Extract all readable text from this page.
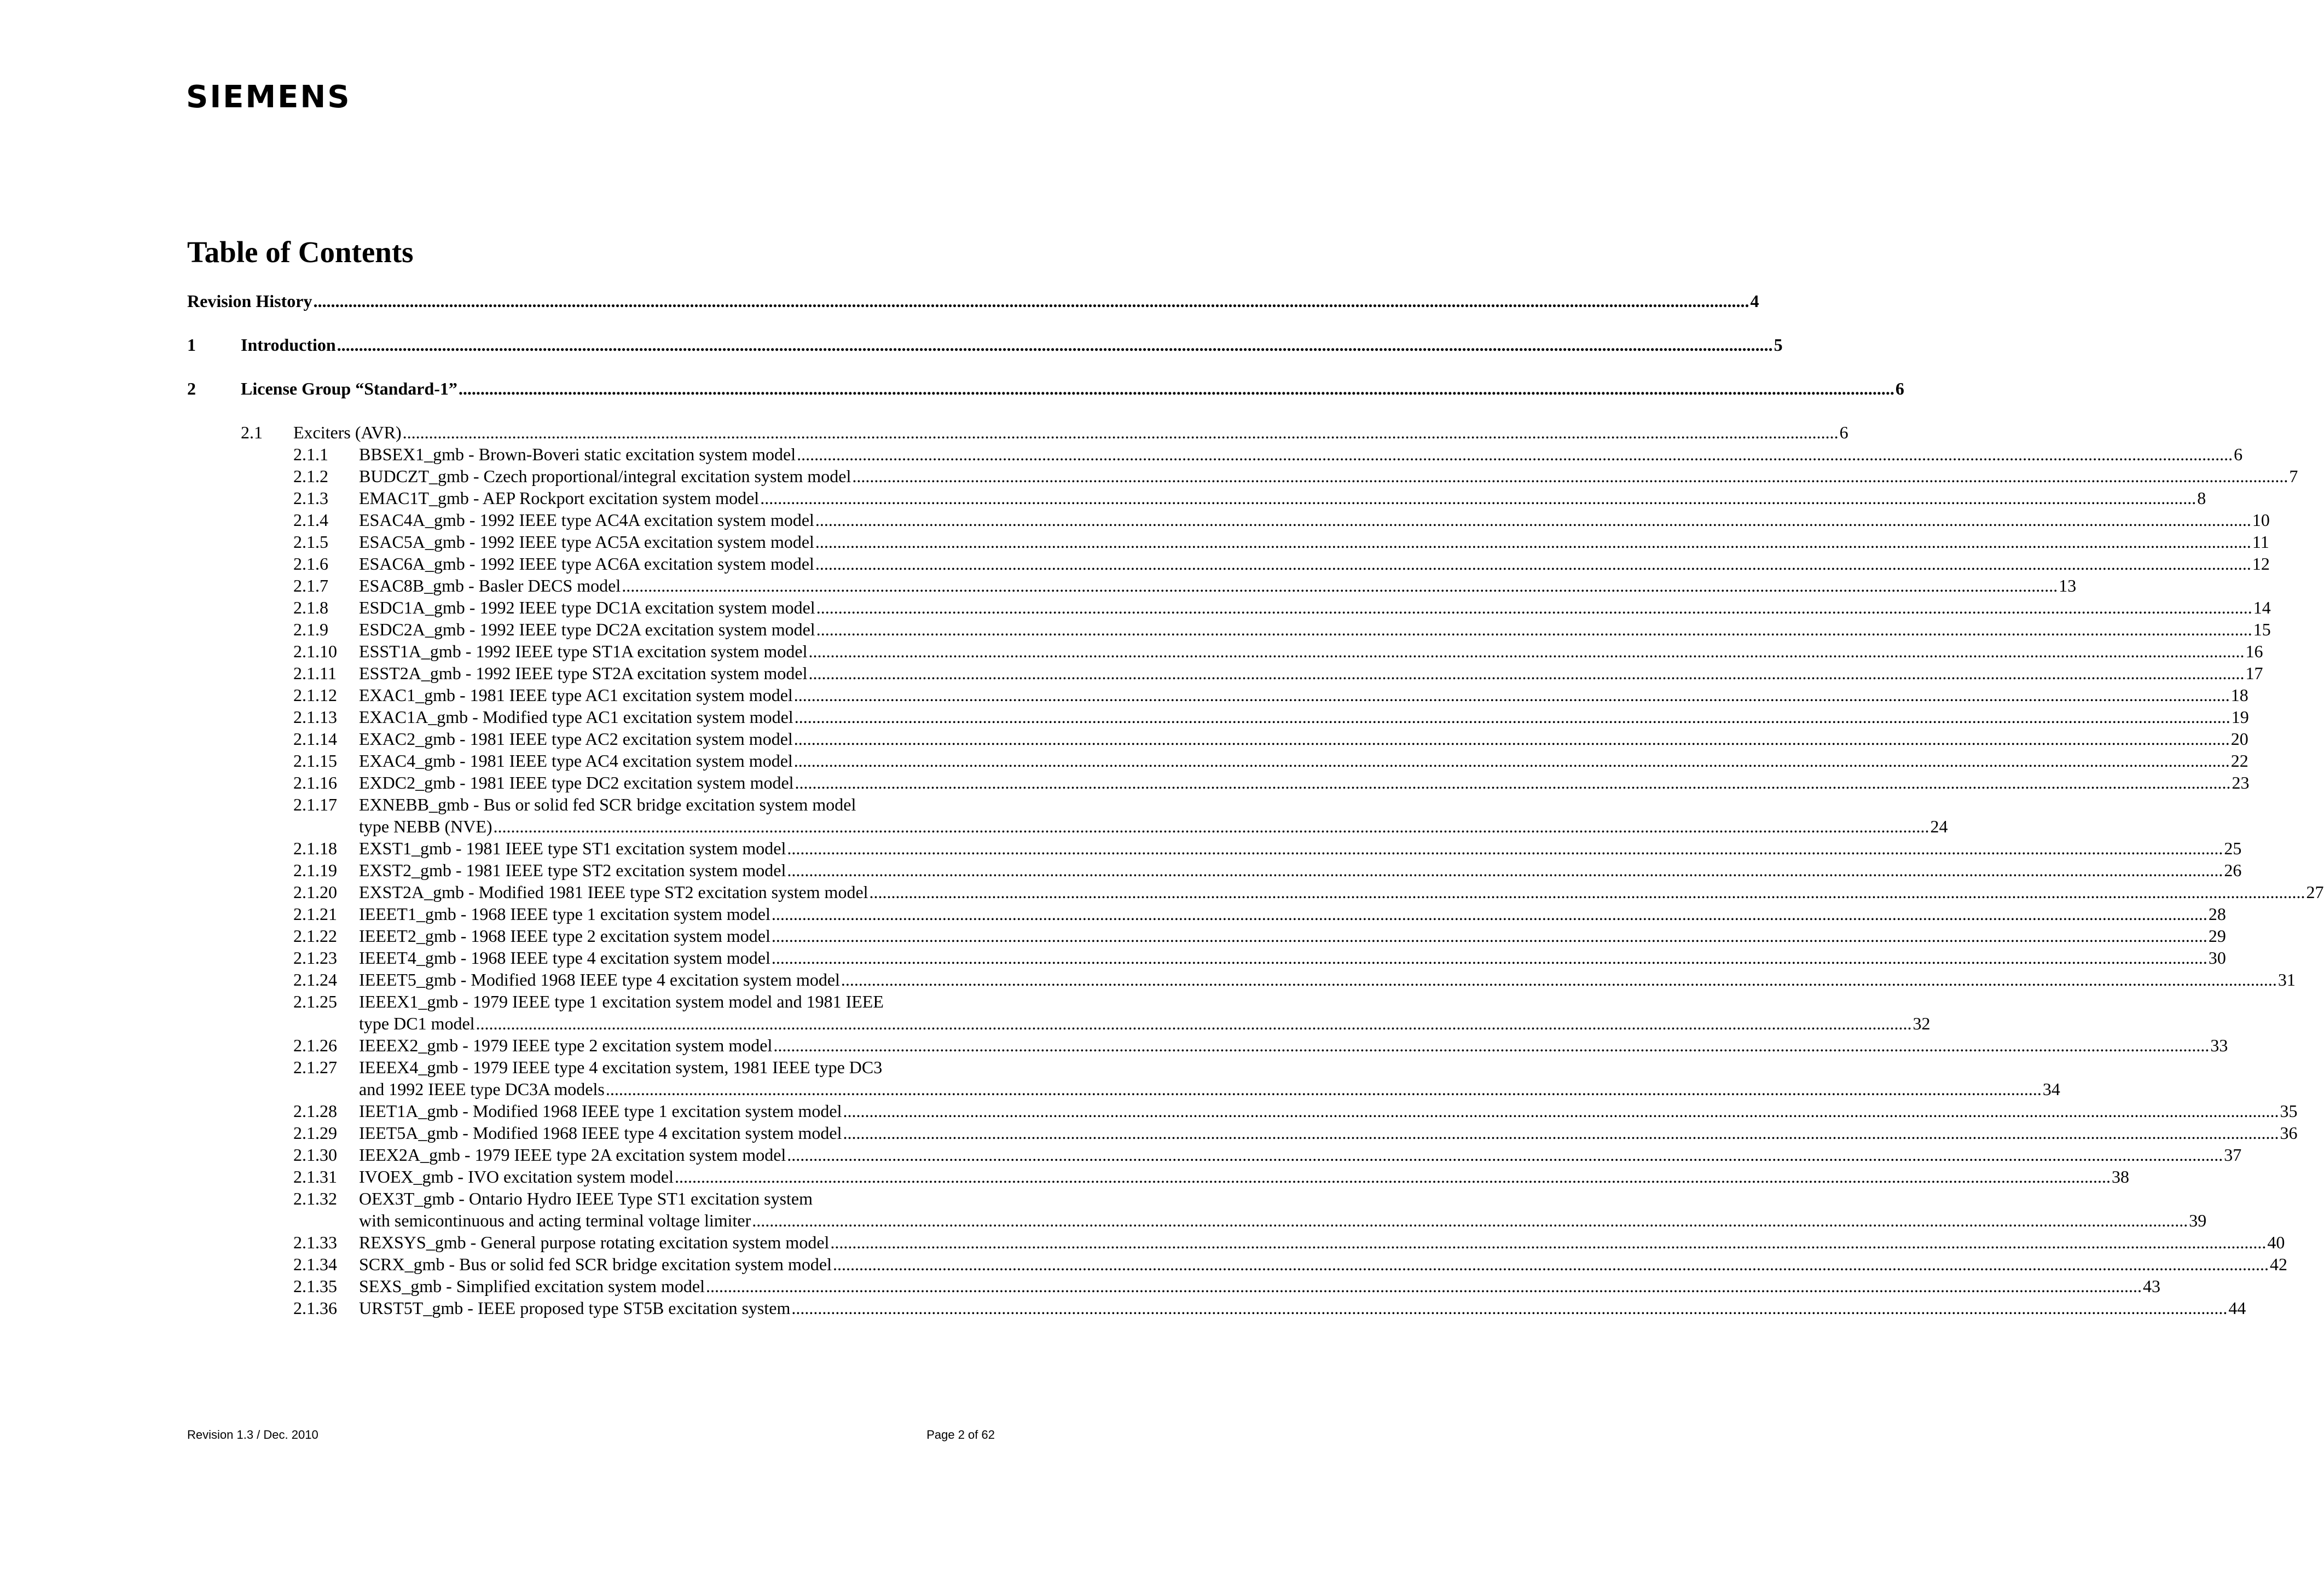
SIEMENS
Table of Contents
Revision History .....	4
1	Introduction .....	5
2	License Group “Standard-1” .....	6
2.1	Exciters (AVR) .....	6
2.1.1	BBSEX1_gmb - Brown-Boveri static excitation system model .....	6
2.1.2	BUDCZT_gmb - Czech proportional/integral excitation system model .....	7
2.1.3	EMAC1T_gmb - AEP Rockport excitation system model .....	8
2.1.4	ESAC4A_gmb - 1992 IEEE type AC4A excitation system model .....	10
2.1.5	ESAC5A_gmb - 1992 IEEE type AC5A excitation system model .....	11
2.1.6	ESAC6A_gmb - 1992 IEEE type AC6A excitation system model .....	12
2.1.7	ESAC8B_gmb - Basler DECS model .....	13
2.1.8	ESDC1A_gmb - 1992 IEEE type DC1A excitation system model .....	14
2.1.9	ESDC2A_gmb - 1992 IEEE type DC2A excitation system model .....	15
2.1.10	ESST1A_gmb - 1992 IEEE type ST1A excitation system model .....	16
2.1.11	ESST2A_gmb - 1992 IEEE type ST2A excitation system model .....	17
2.1.12	EXAC1_gmb - 1981 IEEE type AC1 excitation system model .....	18
2.1.13	EXAC1A_gmb - Modified type AC1 excitation system model .....	19
2.1.14	EXAC2_gmb - 1981 IEEE type AC2 excitation system model .....	20
2.1.15	EXAC4_gmb - 1981 IEEE type AC4 excitation system model .....	22
2.1.16	EXDC2_gmb - 1981 IEEE type DC2 excitation system model .....	23
2.1.17	EXNEBB_gmb - Bus or solid fed SCR bridge excitation system model
type NEBB (NVE) .....	24
2.1.18	EXST1_gmb - 1981 IEEE type ST1 excitation system model .....	25
2.1.19	EXST2_gmb - 1981 IEEE type ST2 excitation system model .....	26
2.1.20	EXST2A_gmb - Modified 1981 IEEE type ST2 excitation system model .....	27
2.1.21	IEEET1_gmb - 1968 IEEE type 1 excitation system model .....	28
2.1.22	IEEET2_gmb - 1968 IEEE type 2 excitation system model .....	29
2.1.23	IEEET4_gmb - 1968 IEEE type 4 excitation system model .....	30
2.1.24	IEEET5_gmb - Modified 1968 IEEE type 4 excitation system model .....	31
2.1.25	IEEEX1_gmb - 1979 IEEE type 1 excitation system model and 1981 IEEE
type DC1 model .....	32
2.1.26	IEEEX2_gmb - 1979 IEEE type 2 excitation system model .....	33
2.1.27	IEEEX4_gmb - 1979 IEEE type 4 excitation system, 1981 IEEE type DC3
and 1992 IEEE type DC3A models .....	34
2.1.28	IEET1A_gmb - Modified 1968 IEEE type 1 excitation system model .....	35
2.1.29	IEET5A_gmb - Modified 1968 IEEE type 4 excitation system model .....	36
2.1.30	IEEX2A_gmb - 1979 IEEE type 2A excitation system model .....	37
2.1.31	IVOEX_gmb - IVO excitation system model .....	38
2.1.32	OEX3T_gmb - Ontario Hydro IEEE Type ST1 excitation system
with semicontinuous and acting terminal voltage limiter .....	39
2.1.33	REXSYS_gmb - General purpose rotating excitation system model .....	40
2.1.34	SCRX_gmb - Bus or solid fed SCR bridge excitation system model .....	42
2.1.35	SEXS_gmb - Simplified excitation system model .....	43
2.1.36	URST5T_gmb - IEEE proposed type ST5B excitation system .....	44
Revision 1.3 / Dec. 2010	Page 2 of 62
